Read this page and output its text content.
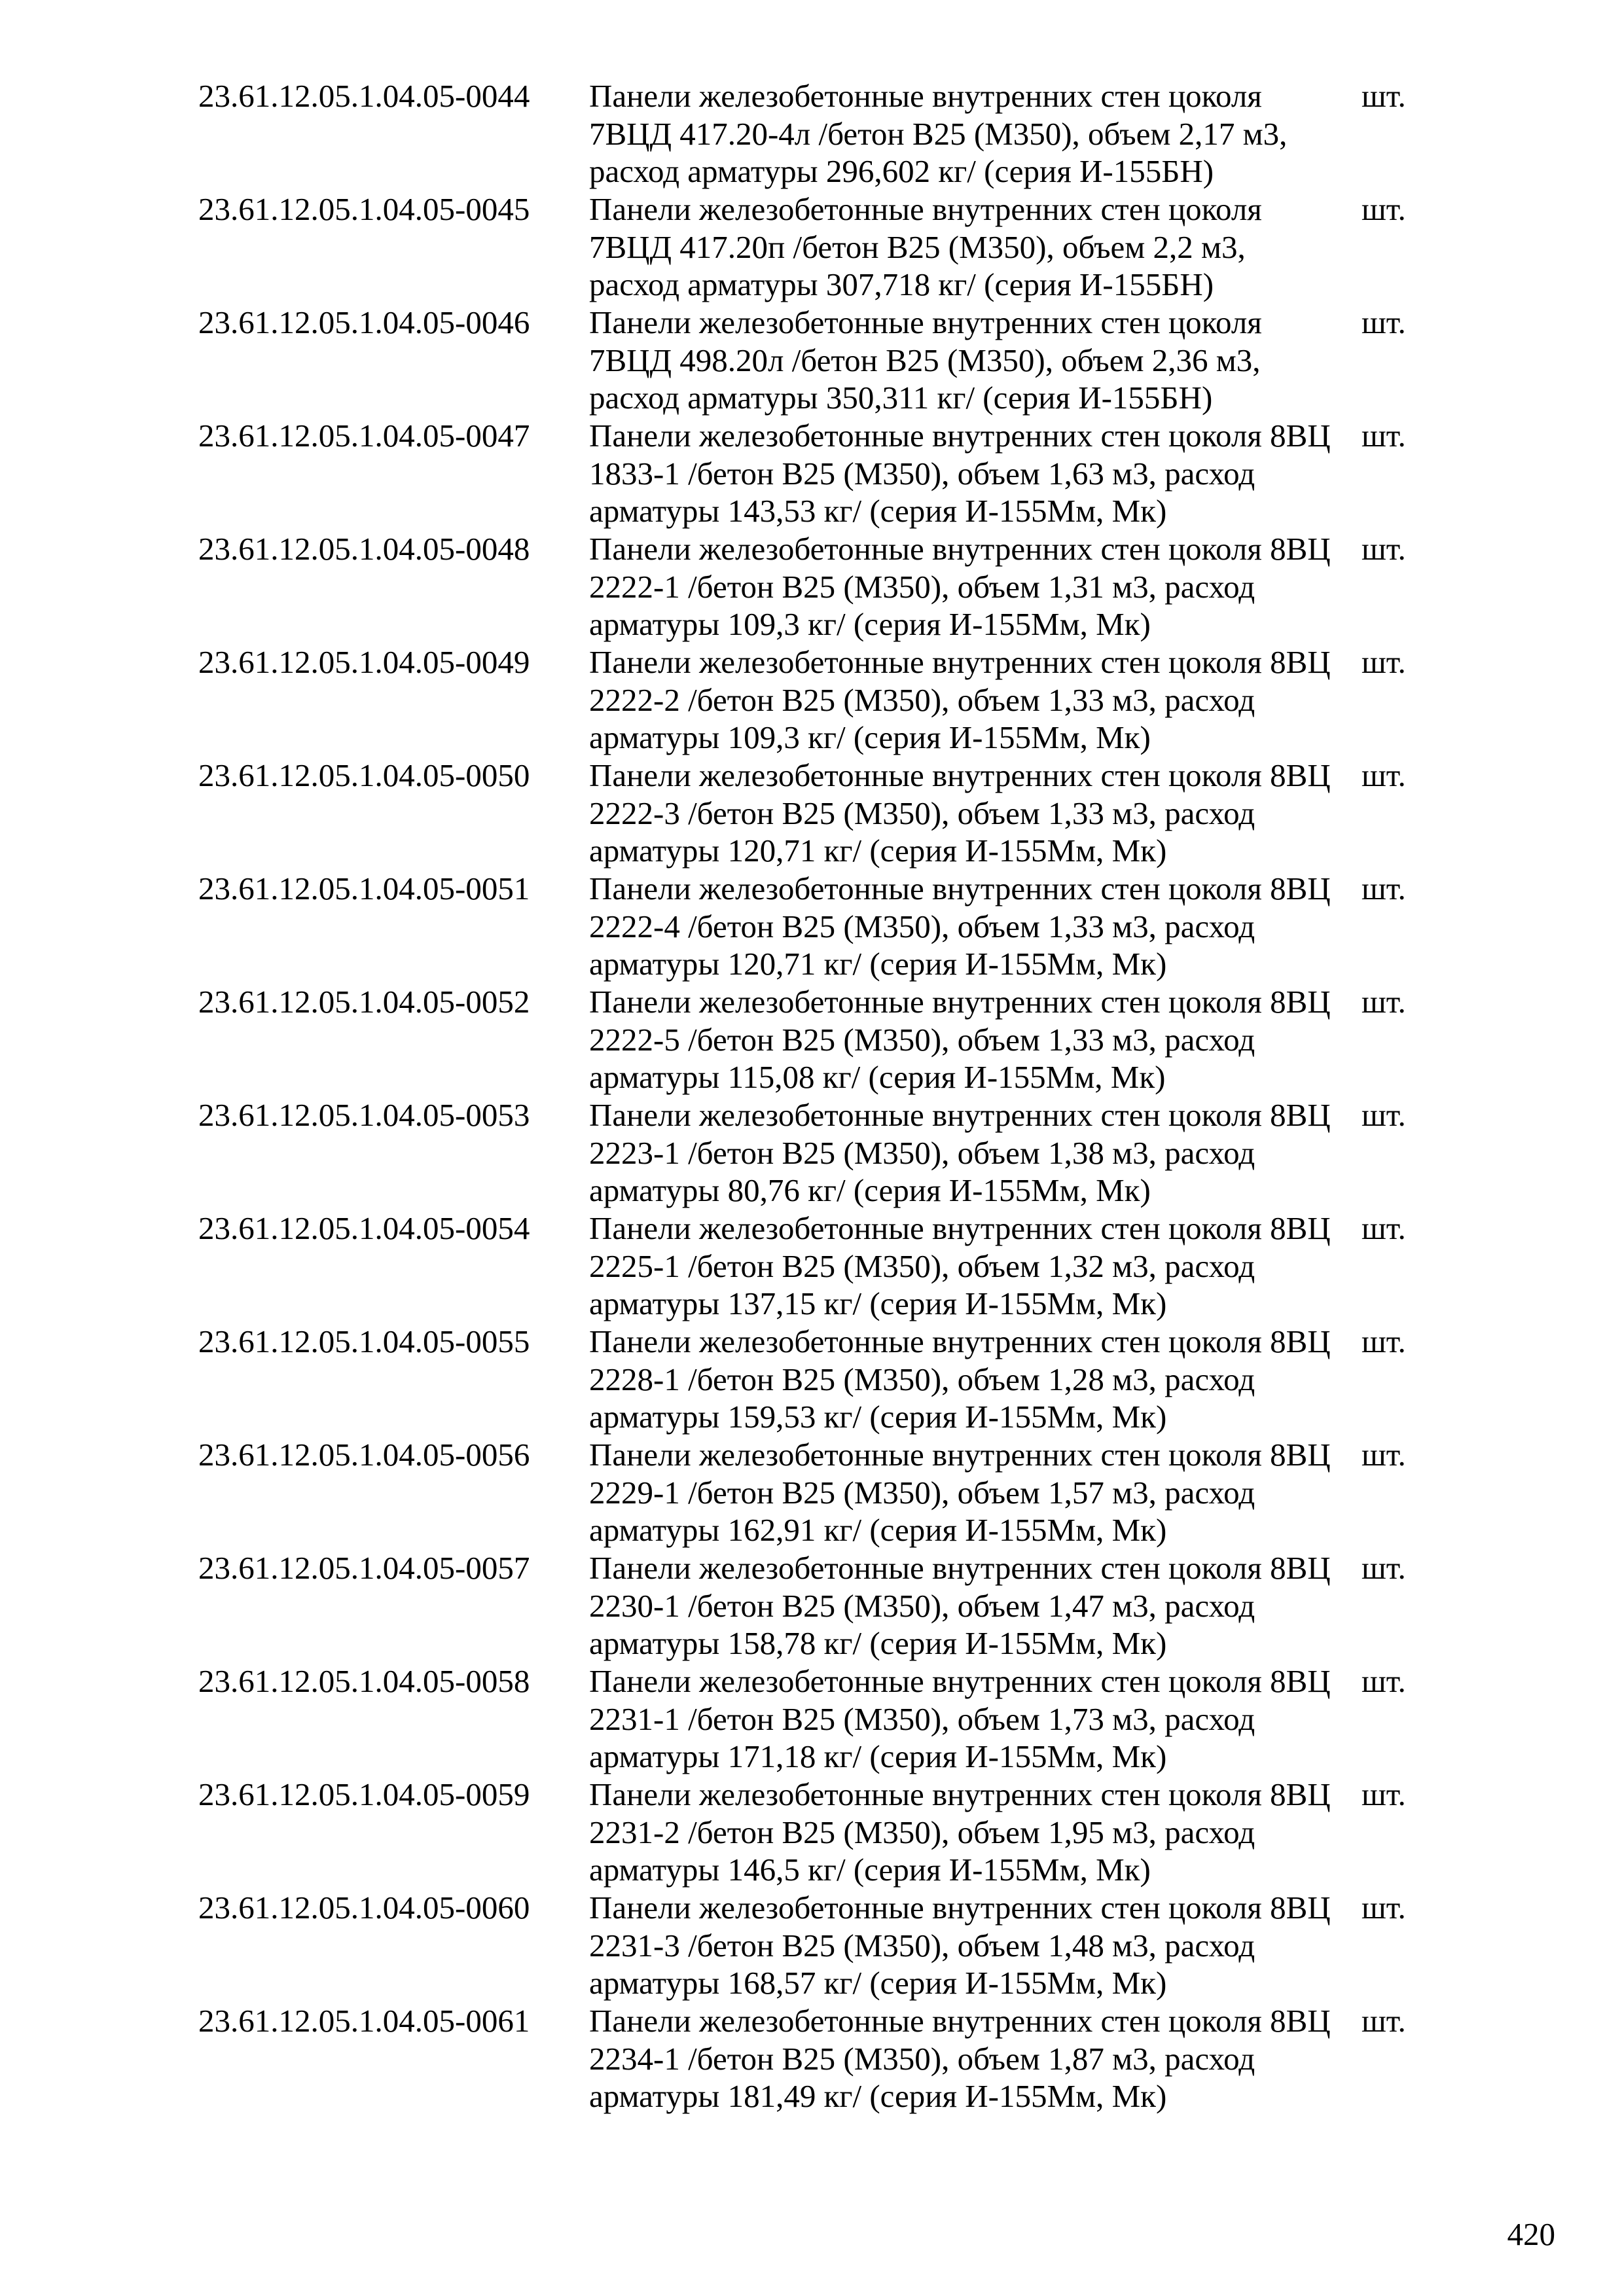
23.61.12.05.1.04.05-0044	Панели железобетонные внутренних стен цоколя
7ВЦД 417.20-4л /бетон В25 (М350), объем 2,17 м3,
расход арматуры 296,602 кг/ (серия И-155БН)
шт.
23.61.12.05.1.04.05-0045	Панели железобетонные внутренних стен цоколя
7ВЦД 417.20п /бетон В25 (М350), объем 2,2 м3,
расход арматуры 307,718 кг/ (серия И-155БН)
шт.
23.61.12.05.1.04.05-0046	Панели железобетонные внутренних стен цоколя
7ВЦД 498.20л /бетон В25 (М350), объем 2,36 м3,
расход арматуры 350,311 кг/ (серия И-155БН)
шт.
23.61.12.05.1.04.05-0047	Панели железобетонные внутренних стен цоколя 8ВЦ
1833-1 /бетон В25 (М350), объем 1,63 м3, расход
арматуры 143,53 кг/ (серия И-155Мм, Мк)
шт.
23.61.12.05.1.04.05-0048	Панели железобетонные внутренних стен цоколя 8ВЦ
2222-1 /бетон В25 (М350), объем 1,31 м3, расход
арматуры 109,3 кг/ (серия И-155Мм, Мк)
шт.
23.61.12.05.1.04.05-0049	Панели железобетонные внутренних стен цоколя 8ВЦ
2222-2 /бетон В25 (М350), объем 1,33 м3, расход
арматуры 109,3 кг/ (серия И-155Мм, Мк)
шт.
23.61.12.05.1.04.05-0050	Панели железобетонные внутренних стен цоколя 8ВЦ
2222-3 /бетон В25 (М350), объем 1,33 м3, расход
арматуры 120,71 кг/ (серия И-155Мм, Мк)
шт.
23.61.12.05.1.04.05-0051	Панели железобетонные внутренних стен цоколя 8ВЦ
2222-4 /бетон В25 (М350), объем 1,33 м3, расход
арматуры 120,71 кг/ (серия И-155Мм, Мк)
шт.
23.61.12.05.1.04.05-0052	Панели железобетонные внутренних стен цоколя 8ВЦ
2222-5 /бетон В25 (М350), объем 1,33 м3, расход
арматуры 115,08 кг/ (серия И-155Мм, Мк)
шт.
23.61.12.05.1.04.05-0053	Панели железобетонные внутренних стен цоколя 8ВЦ
2223-1 /бетон В25 (М350), объем 1,38 м3, расход
арматуры 80,76 кг/ (серия И-155Мм, Мк)
шт.
23.61.12.05.1.04.05-0054	Панели железобетонные внутренних стен цоколя 8ВЦ
2225-1 /бетон В25 (М350), объем 1,32 м3, расход
арматуры 137,15 кг/ (серия И-155Мм, Мк)
шт.
23.61.12.05.1.04.05-0055	Панели железобетонные внутренних стен цоколя 8ВЦ
2228-1 /бетон В25 (М350), объем 1,28 м3, расход
арматуры 159,53 кг/ (серия И-155Мм, Мк)
шт.
23.61.12.05.1.04.05-0056	Панели железобетонные внутренних стен цоколя 8ВЦ
2229-1 /бетон В25 (М350), объем 1,57 м3, расход
арматуры 162,91 кг/ (серия И-155Мм, Мк)
шт.
23.61.12.05.1.04.05-0057	Панели железобетонные внутренних стен цоколя 8ВЦ
2230-1 /бетон В25 (М350), объем 1,47 м3, расход
арматуры 158,78 кг/ (серия И-155Мм, Мк)
шт.
23.61.12.05.1.04.05-0058	Панели железобетонные внутренних стен цоколя 8ВЦ
2231-1 /бетон В25 (М350), объем 1,73 м3, расход
арматуры 171,18 кг/ (серия И-155Мм, Мк)
шт.
23.61.12.05.1.04.05-0059	Панели железобетонные внутренних стен цоколя 8ВЦ
2231-2 /бетон В25 (М350), объем 1,95 м3, расход
арматуры 146,5 кг/ (серия И-155Мм, Мк)
шт.
23.61.12.05.1.04.05-0060	Панели железобетонные внутренних стен цоколя 8ВЦ
2231-3 /бетон В25 (М350), объем 1,48 м3, расход
арматуры 168,57 кг/ (серия И-155Мм, Мк)
шт.
23.61.12.05.1.04.05-0061	Панели железобетонные внутренних стен цоколя 8ВЦ
2234-1 /бетон В25 (М350), объем 1,87 м3, расход
арматуры 181,49 кг/ (серия И-155Мм, Мк)
шт.
420
